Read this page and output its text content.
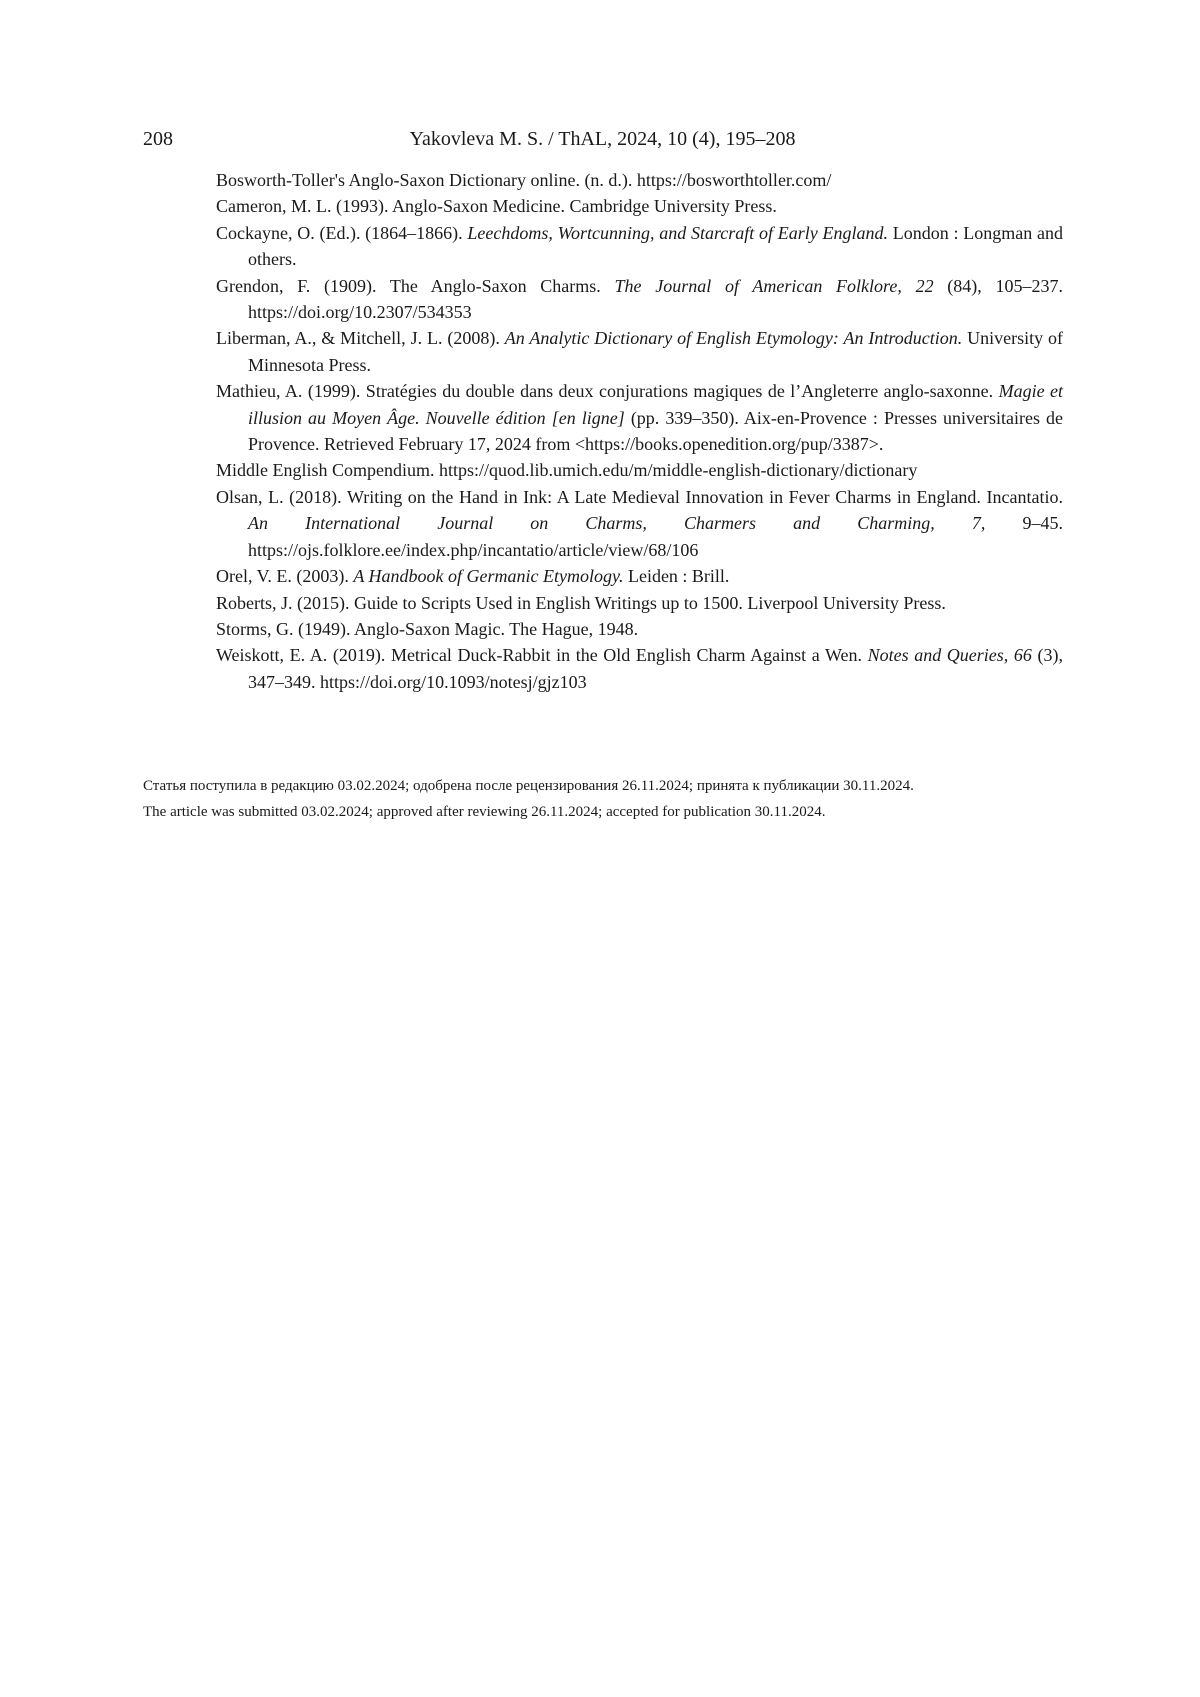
208	Yakovleva M. S. / ThAL, 2024, 10 (4), 195–208
Bosworth-Toller's Anglo-Saxon Dictionary online. (n. d.). https://bosworthtoller.com/
Cameron, M. L. (1993). Anglo-Saxon Medicine. Cambridge University Press.
Cockayne, O. (Ed.). (1864–1866). Leechdoms, Wortcunning, and Starcraft of Early England. London : Longman and others.
Grendon, F. (1909). The Anglo-Saxon Charms. The Journal of American Folklore, 22 (84), 105–237. https://doi.org/10.2307/534353
Liberman, A., & Mitchell, J. L. (2008). An Analytic Dictionary of English Etymology: An Introduction. University of Minnesota Press.
Mathieu, A. (1999). Stratégies du double dans deux conjurations magiques de l’Angleterre anglo-saxonne. Magie et illusion au Moyen Âge. Nouvelle édition [en ligne] (pp. 339–350). Aix-en-Provence : Presses universitaires de Provence. Retrieved February 17, 2024 from <https://books.openedition.org/pup/3387>.
Middle English Compendium. https://quod.lib.umich.edu/m/middle-english-dictionary/dictionary
Olsan, L. (2018). Writing on the Hand in Ink: A Late Medieval Innovation in Fever Charms in England. Incantatio. An International Journal on Charms, Charmers and Charming, 7, 9–45. https://ojs.folklore.ee/index.php/incantatio/article/view/68/106
Orel, V. E. (2003). A Handbook of Germanic Etymology. Leiden : Brill.
Roberts, J. (2015). Guide to Scripts Used in English Writings up to 1500. Liverpool University Press.
Storms, G. (1949). Anglo-Saxon Magic. The Hague, 1948.
Weiskott, E. A. (2019). Metrical Duck-Rabbit in the Old English Charm Against a Wen. Notes and Queries, 66 (3), 347–349. https://doi.org/10.1093/notesj/gjz103
Статья поступила в редакцию 03.02.2024; одобрена после рецензирования 26.11.2024; принята к публикации 30.11.2024.
The article was submitted 03.02.2024; approved after reviewing 26.11.2024; accepted for publication 30.11.2024.
